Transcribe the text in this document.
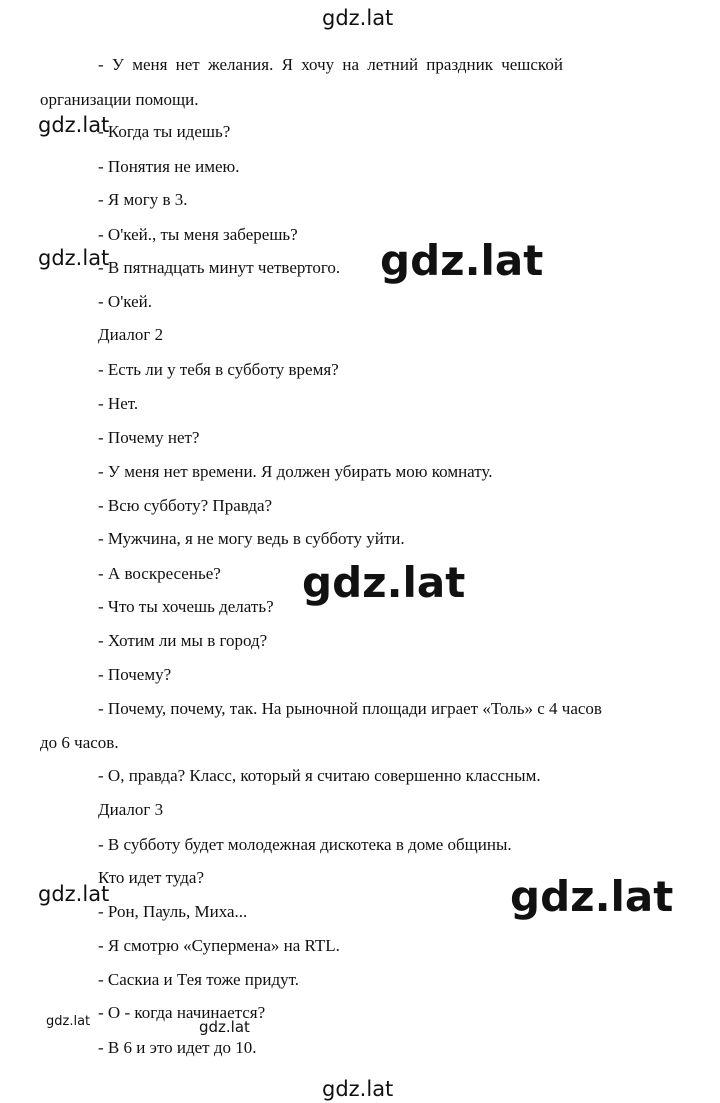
gdz.lat
gdz.lat
gdz.lat	gdz.lat
gdz.lat
gdz.lat	gdz.lat
gdz.lat	gdz.lat
gdz.lat
- У меня нет желания. Я хочу на летний праздник чешской
организации помощи.
- Когда ты идешь?
- Понятия не имею.
- Я могу в 3.
- О'кей., ты меня заберешь?
- В пятнадцать минут четвертого.
- О'кей.
Диалог 2
- Есть ли у тебя в субботу время?
- Нет.
- Почему нет?
- У меня нет времени. Я должен убирать мою комнату.
- Всю субботу? Правда?
- Мужчина, я не могу ведь в субботу уйти.
- А воскресенье?
- Что ты хочешь делать?
- Хотим ли мы в город?
- Почему?
- Почему, почему, так. На рыночной площади играет «Толь» с 4 часов
до 6 часов.
- О, правда? Класс, который я считаю совершенно классным.
Диалог 3
- В субботу будет молодежная дискотека в доме общины.
Кто идет туда?
- Рон, Пауль, Миха...
- Я смотрю «Супермена» на RTL.
- Саскиа и Тея тоже придут.
- О - когда начинается?
- В 6 и это идет до 10.
